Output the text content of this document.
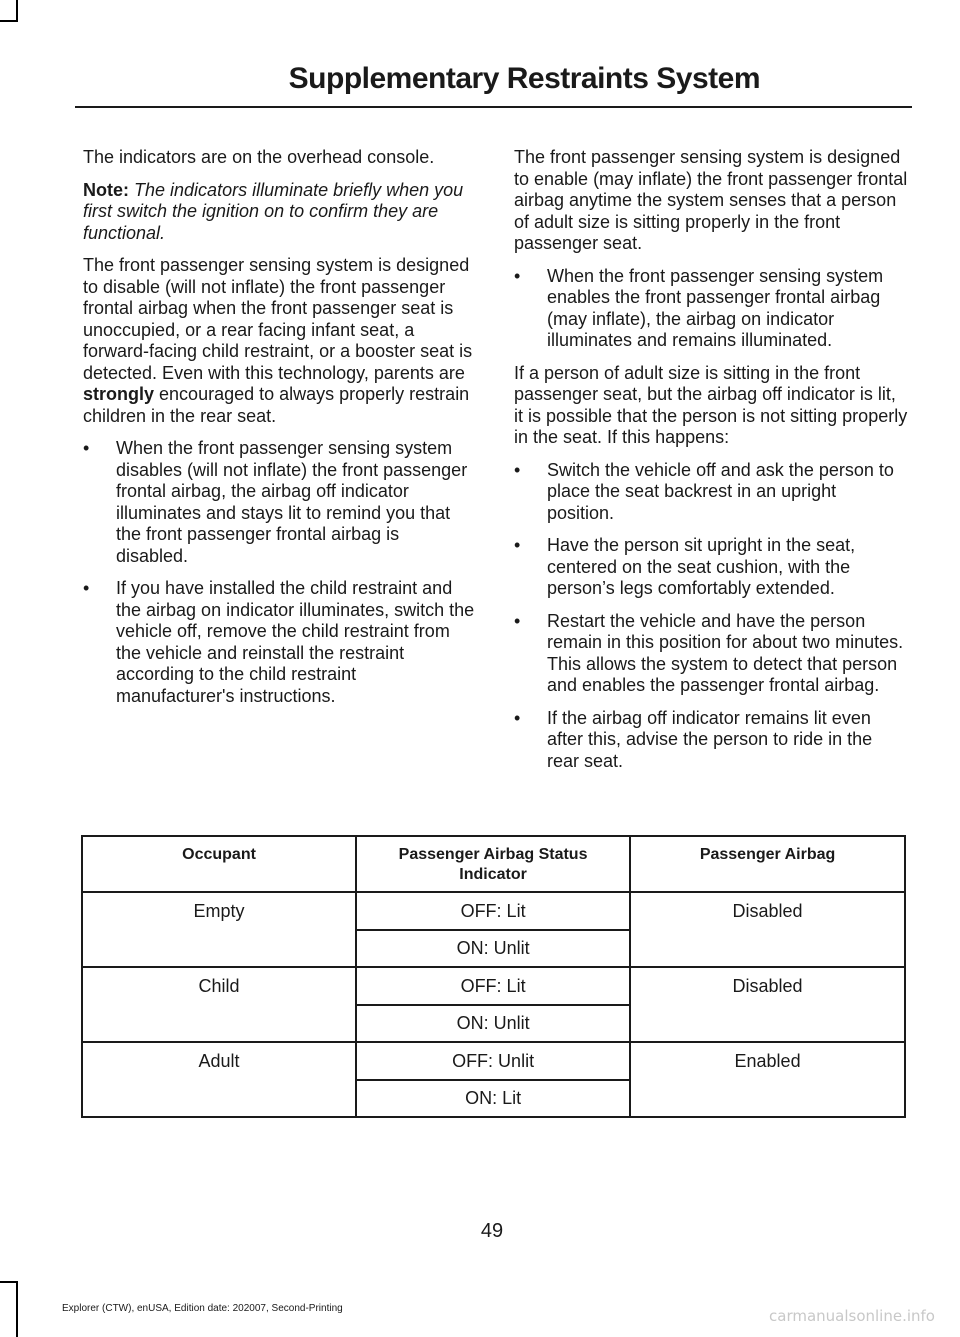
Supplementary Restraints System

The indicators are on the overhead console.

Note: The indicators illuminate briefly when you first switch the ignition on to confirm they are functional.

The front passenger sensing system is designed to disable (will not inflate) the front passenger frontal airbag when the front passenger seat is unoccupied, or a rear facing infant seat, a forward-facing child restraint, or a booster seat is detected. Even with this technology, parents are strongly encouraged to always properly restrain children in the rear seat.

• When the front passenger sensing system disables (will not inflate) the front passenger frontal airbag, the airbag off indicator illuminates and stays lit to remind you that the front passenger frontal airbag is disabled.
• If you have installed the child restraint and the airbag on indicator illuminates, switch the vehicle off, remove the child restraint from the vehicle and reinstall the restraint according to the child restraint manufacturer's instructions.

The front passenger sensing system is designed to enable (may inflate) the front passenger frontal airbag anytime the system senses that a person of adult size is sitting properly in the front passenger seat.

• When the front passenger sensing system enables the front passenger frontal airbag (may inflate), the airbag on indicator illuminates and remains illuminated.

If a person of adult size is sitting in the front passenger seat, but the airbag off indicator is lit, it is possible that the person is not sitting properly in the seat. If this happens:

• Switch the vehicle off and ask the person to place the seat backrest in an upright position.
• Have the person sit upright in the seat, centered on the seat cushion, with the person’s legs comfortably extended.
• Restart the vehicle and have the person remain in this position for about two minutes. This allows the system to detect that person and enables the passenger frontal airbag.
• If the airbag off indicator remains lit even after this, advise the person to ride in the rear seat.
Occupant	Passenger Airbag Status Indicator	Passenger Airbag
Empty	OFF: Lit	Disabled
	ON: Unlit	
Child	OFF: Lit	Disabled
	ON: Unlit	
Adult	OFF: Unlit	Enabled
	ON: Lit	
49
Explorer (CTW), enUSA, Edition date: 202007, Second-Printing	carmanualsonline.info
